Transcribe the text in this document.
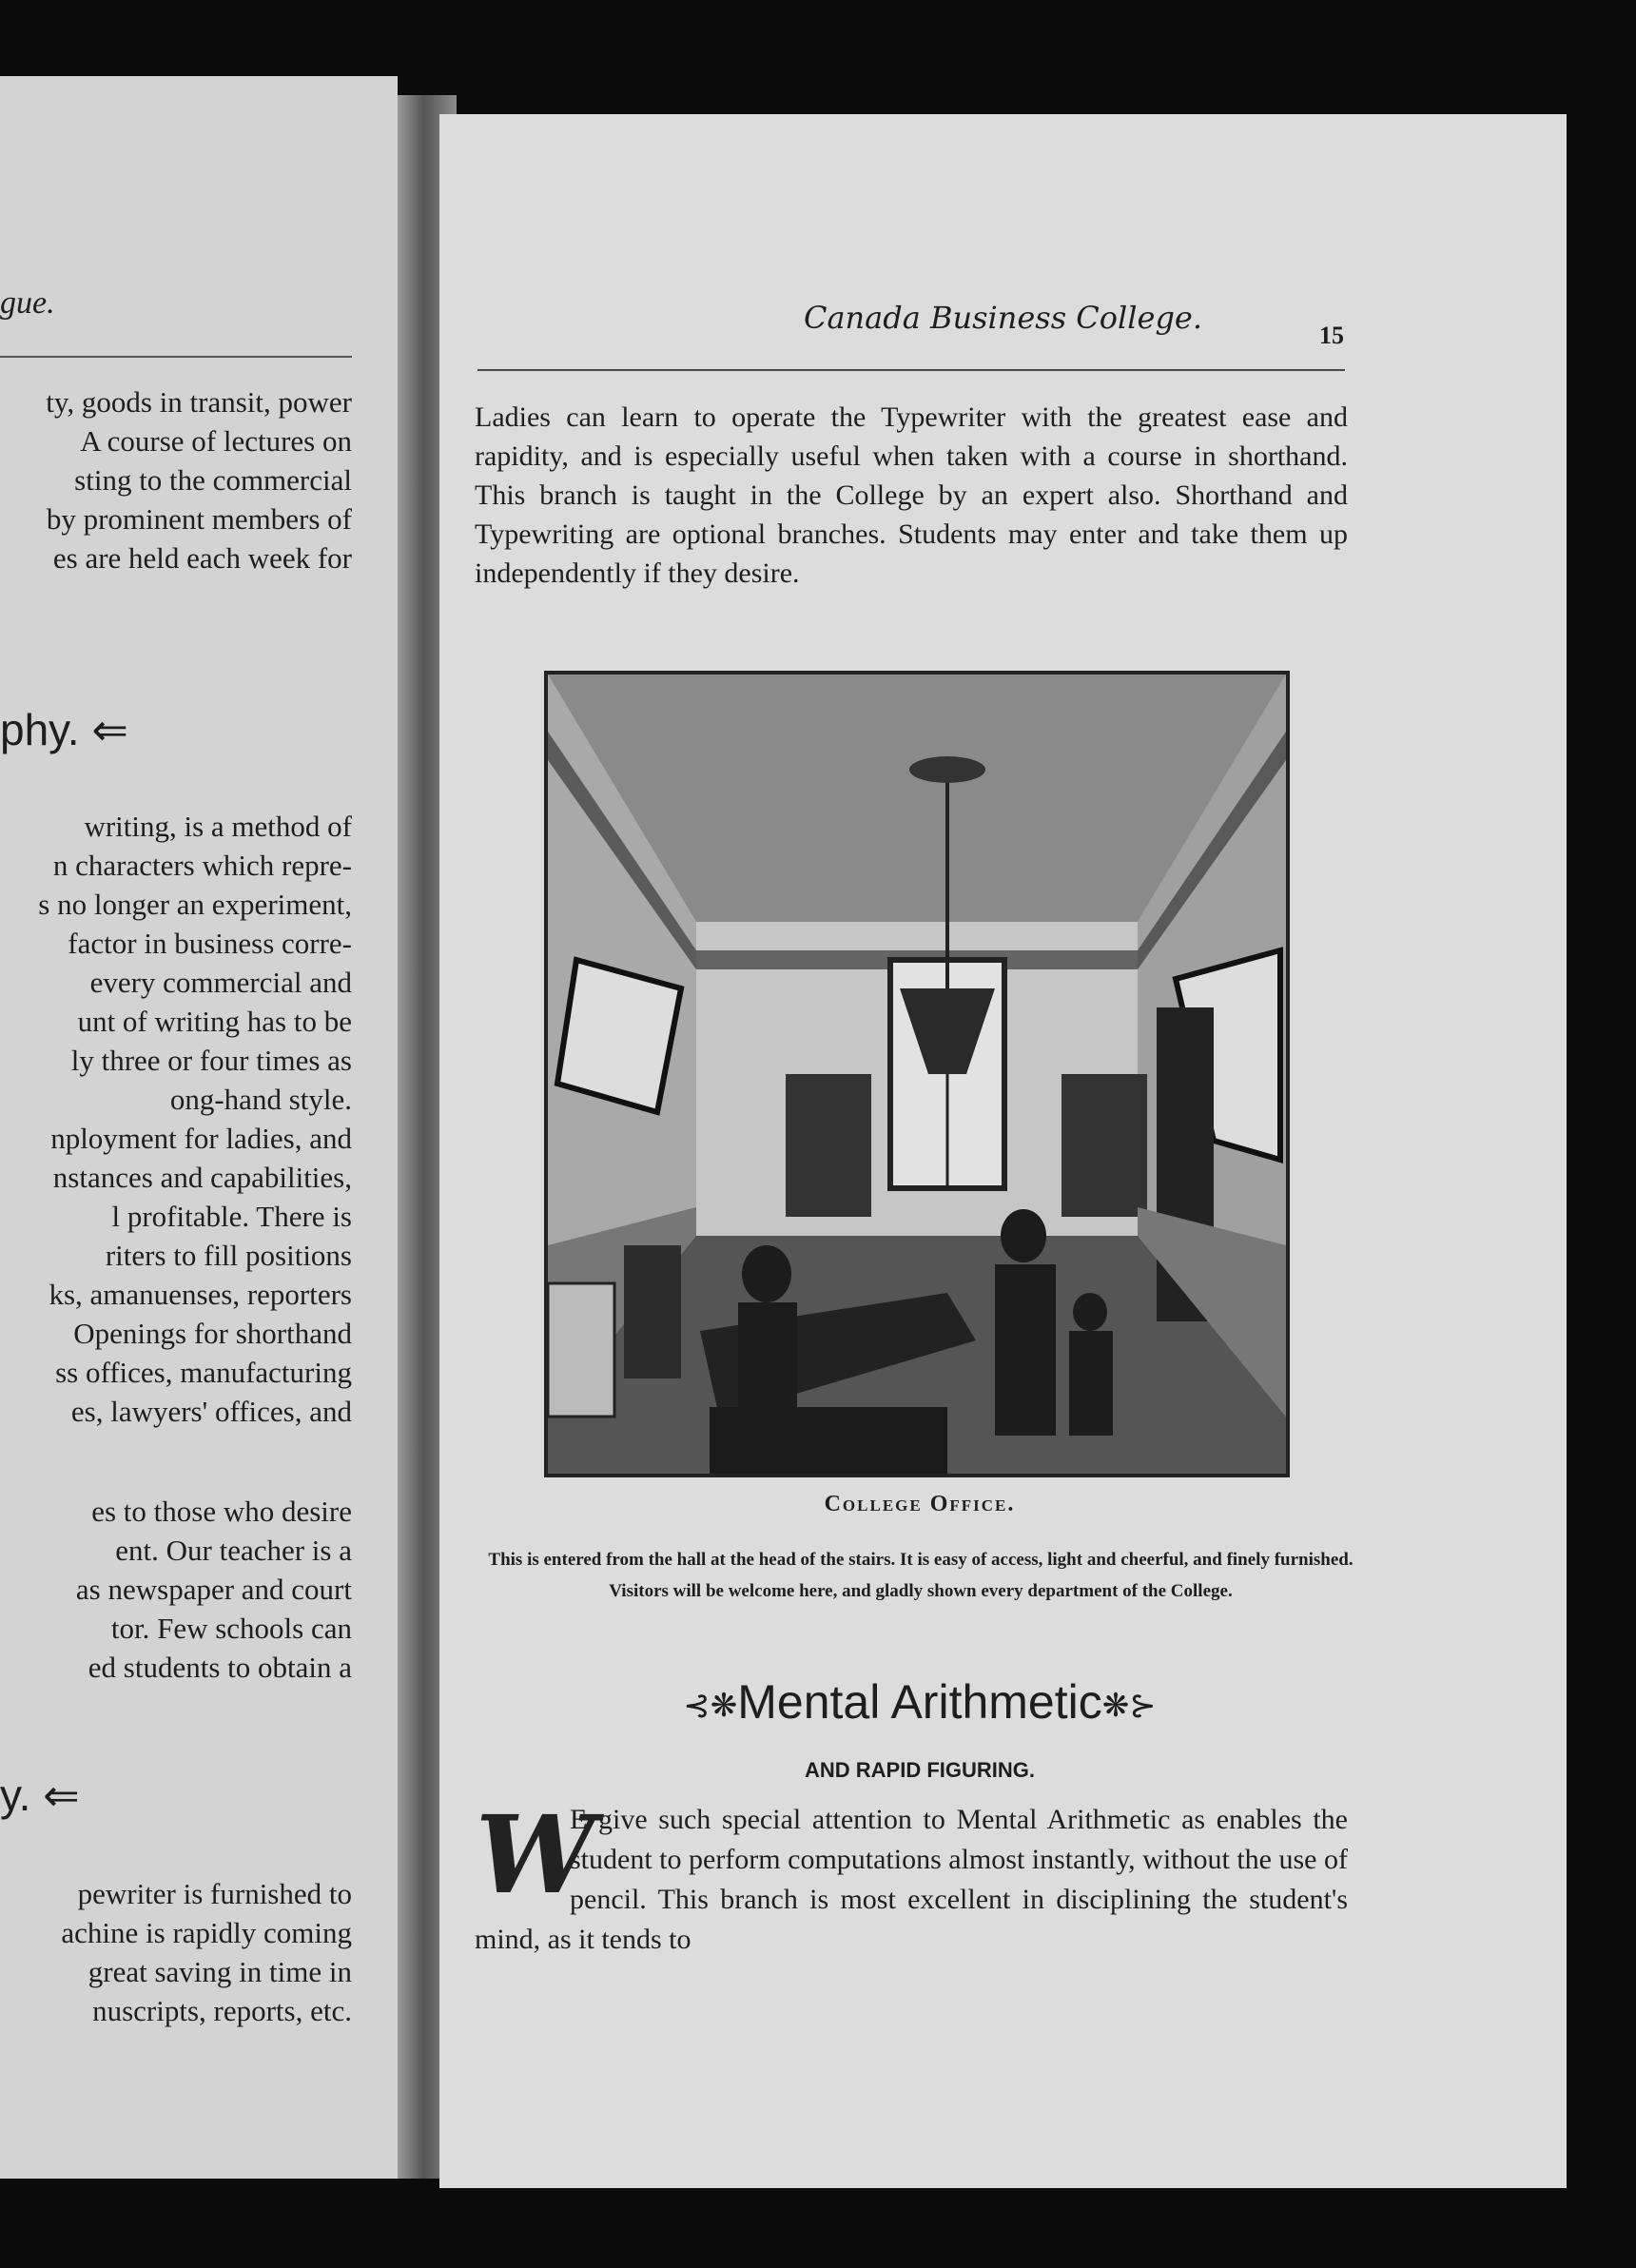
gue.
ty, goods in transit, power
A course of lectures on
sting to the commercial
by prominent members of
es are held each week for
phy. ⇐
writing, is a method of
n characters which repre-
s no longer an experiment,
factor in business corre-
every commercial and
unt of writing has to be
ly three or four times as
ong-hand style.
nployment for ladies, and
nstances and capabilities,
l profitable. There is
riters to fill positions
ks, amanuenses, reporters
Openings for shorthand
ss offices, manufacturing
es, lawyers' offices, and
es to those who desire
ent. Our teacher is a
as newspaper and court
tor. Few schools can
ed students to obtain a
y. ⇐
pewriter is furnished to
achine is rapidly coming
great saving in time in
nuscripts, reports, etc.
Canada Business College.	15
Ladies can learn to operate the Typewriter with the greatest ease and rapidity, and is especially useful when taken with a course in shorthand. This branch is taught in the College by an expert also. Shorthand and Typewriting are optional branches. Students may enter and take them up independently if they desire.
College Office.
This is entered from the hall at the head of the stairs. It is easy of access, light and cheerful, and finely furnished. Visitors will be welcome here, and gladly shown every department of the College.
⊰❋Mental Arithmetic❋⊱
AND RAPID FIGURING.
E give such special attention to Mental Arithmetic as enables the student to perform computations almost instantly, without the use of pencil. This branch is most excellent in disciplining the student's mind, as it tends to
W
